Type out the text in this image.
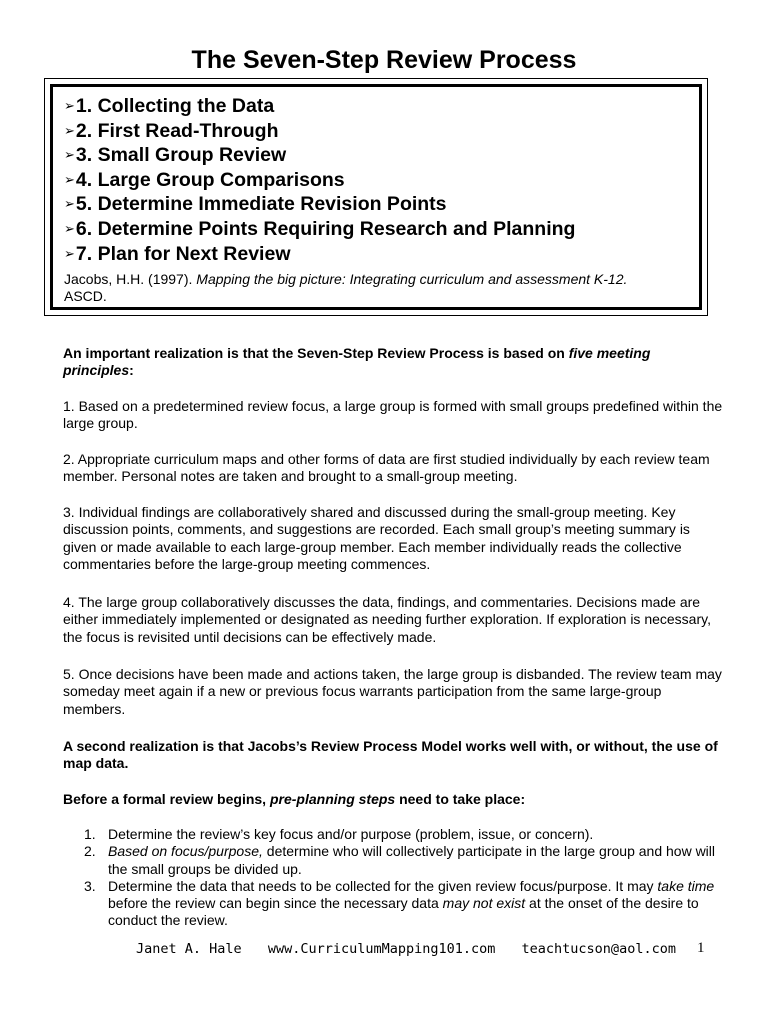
The Seven-Step Review Process
➢1. Collecting the Data
➢2. First Read-Through
➢3. Small Group Review
➢4. Large Group Comparisons
➢5. Determine Immediate Revision Points
➢6. Determine Points Requiring Research and Planning
➢7. Plan for Next Review
Jacobs, H.H. (1997). Mapping the big picture: Integrating curriculum and assessment K-12.
ASCD.

An important realization is that the Seven-Step Review Process is based on five meeting principles:

1. Based on a predetermined review focus, a large group is formed with small groups predefined within the large group.

2. Appropriate curriculum maps and other forms of data are first studied individually by each review team member. Personal notes are taken and brought to a small-group meeting.

3. Individual findings are collaboratively shared and discussed during the small-group meeting. Key discussion points, comments, and suggestions are recorded. Each small group’s meeting summary is given or made available to each large-group member. Each member individually reads the collective commentaries before the large-group meeting commences.

4. The large group collaboratively discusses the data, findings, and commentaries. Decisions made are either immediately implemented or designated as needing further exploration. If exploration is necessary, the focus is revisited until decisions can be effectively made.

5. Once decisions have been made and actions taken, the large group is disbanded. The review team may someday meet again if a new or previous focus warrants participation from the same large-group members.

A second realization is that Jacobs’s Review Process Model works well with, or without, the use of map data.

Before a formal review begins, pre-planning steps need to take place:

1. Determine the review’s key focus and/or purpose (problem, issue, or concern).
2. Based on focus/purpose, determine who will collectively participate in the large group and how will the small groups be divided up.
3. Determine the data that needs to be collected for the given review focus/purpose. It may take time before the review can begin since the necessary data may not exist at the onset of the desire to conduct the review.
Janet A. Hale www.CurriculumMapping101.com teachtucson@aol.com	1
